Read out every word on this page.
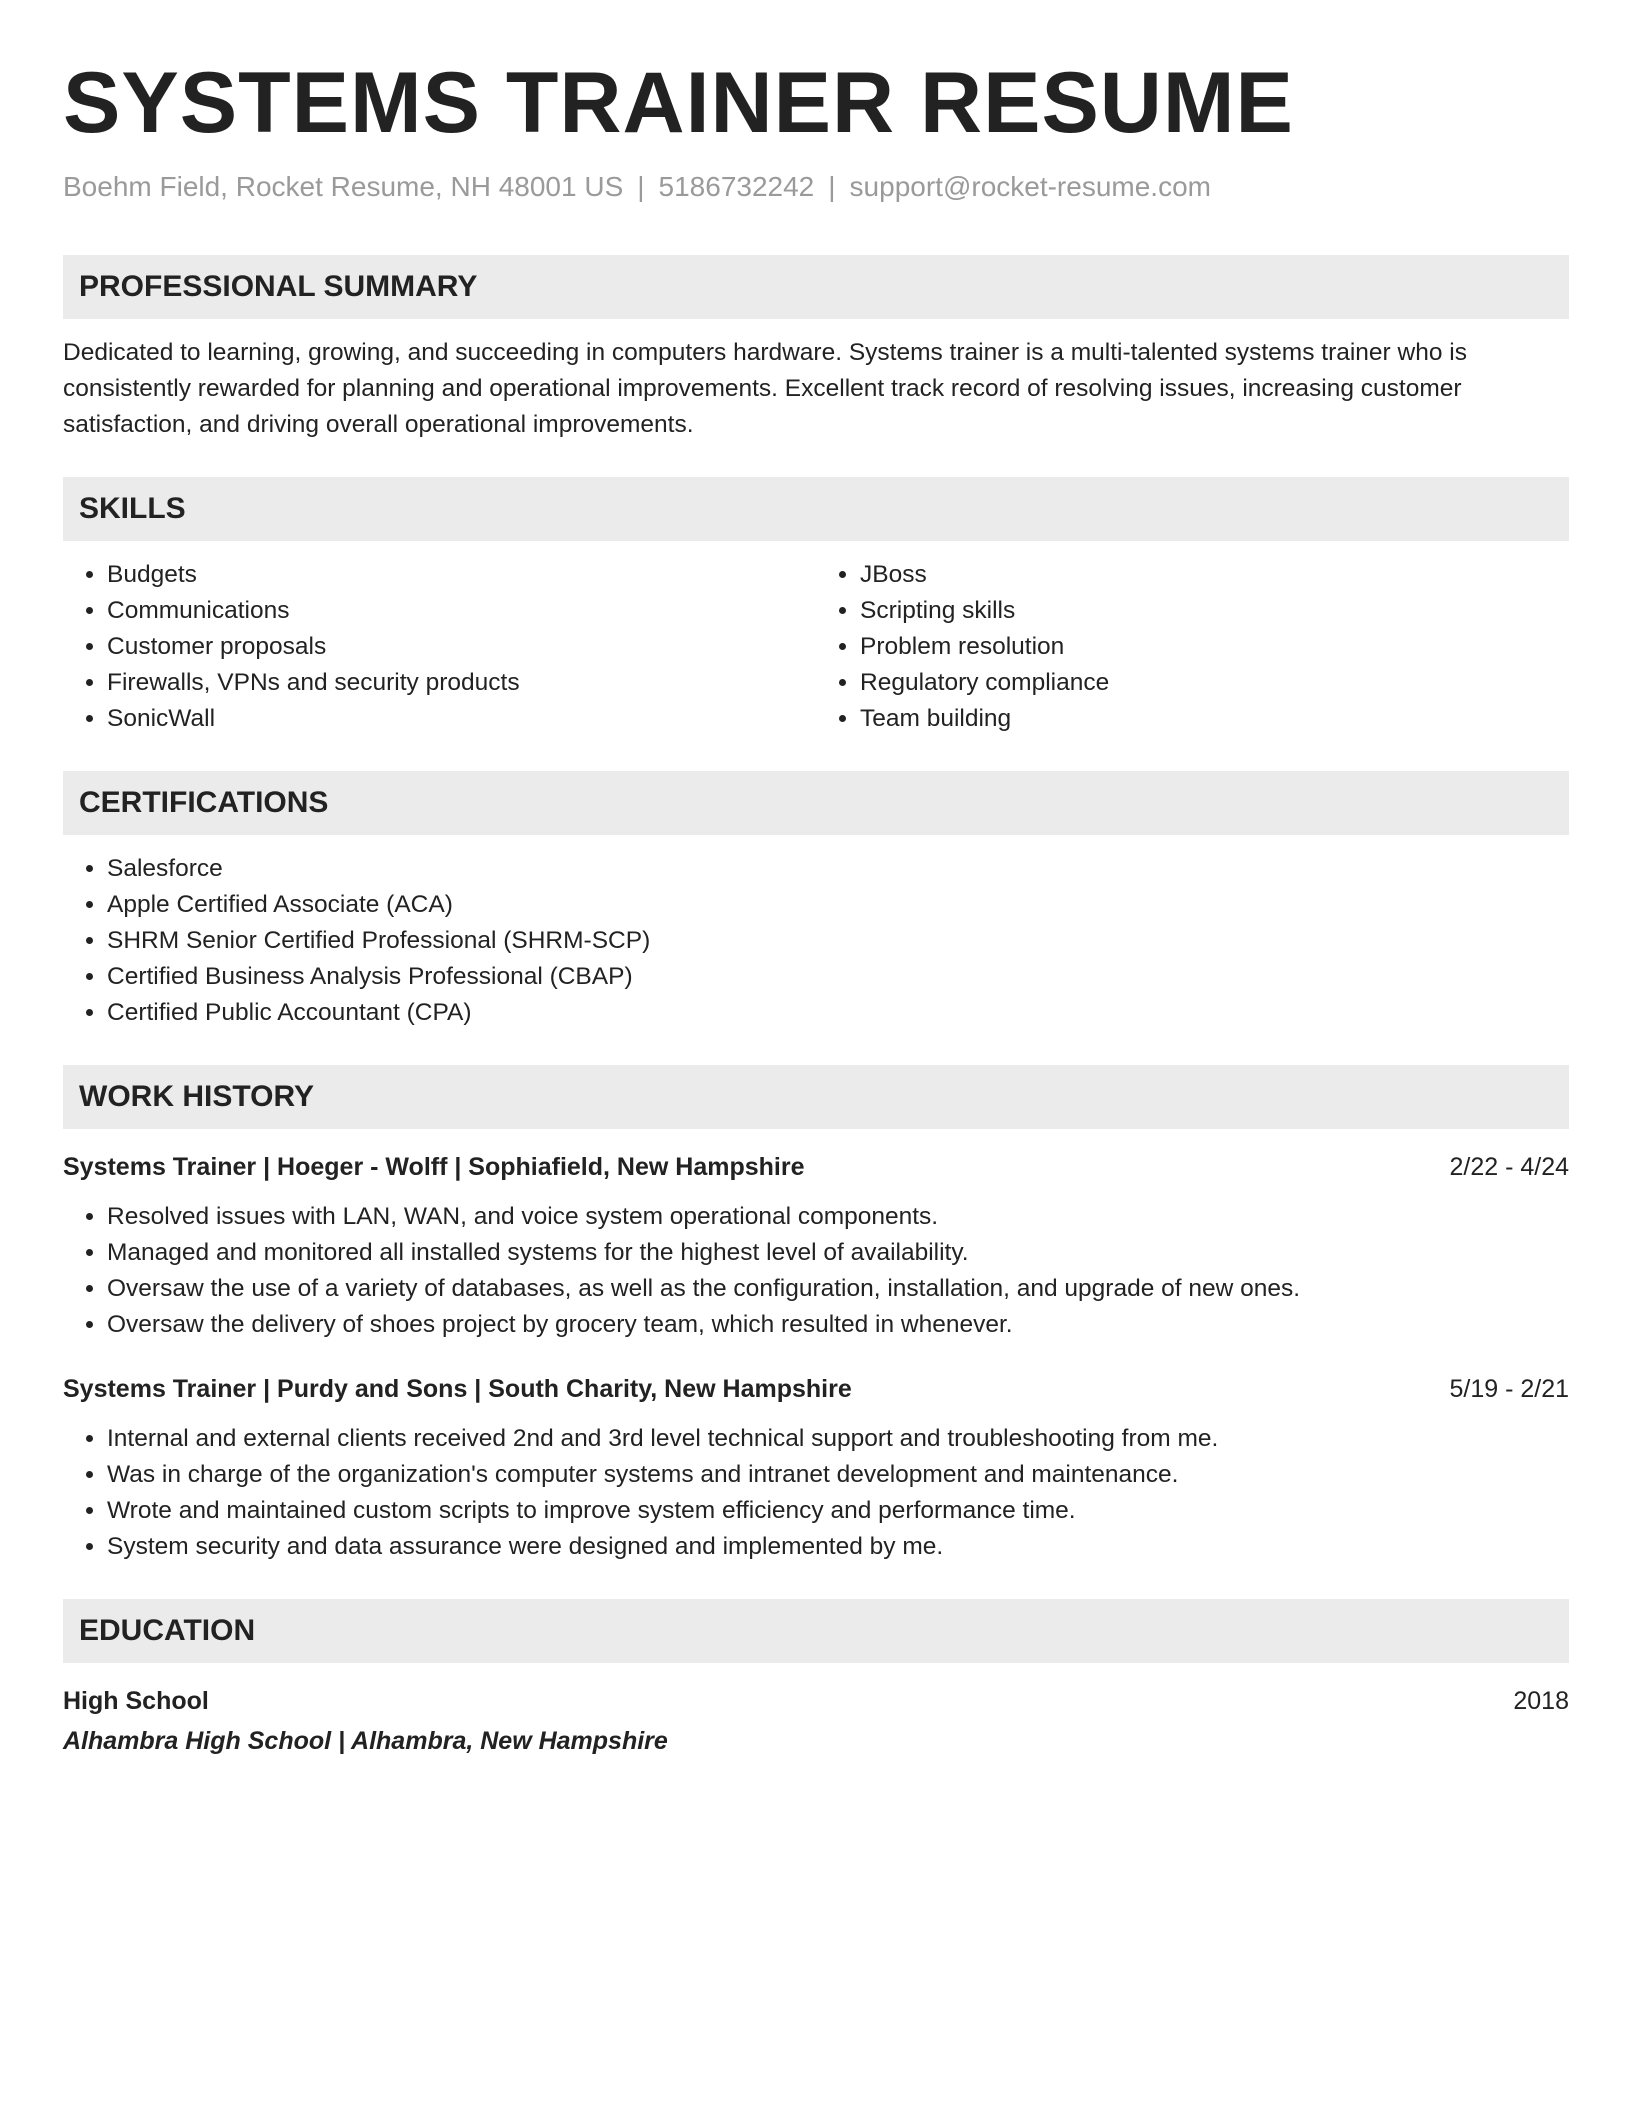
SYSTEMS TRAINER RESUME
Boehm Field, Rocket Resume, NH 48001 US | 5186732242 | support@rocket-resume.com
PROFESSIONAL SUMMARY

Dedicated to learning, growing, and succeeding in computers hardware. Systems trainer is a multi-talented systems trainer who is consistently rewarded for planning and operational improvements. Excellent track record of resolving issues, increasing customer satisfaction, and driving overall operational improvements.

SKILLS
• Budgets
• Communications
• Customer proposals
• Firewalls, VPNs and security products
• SonicWall
• JBoss
• Scripting skills
• Problem resolution
• Regulatory compliance
• Team building
CERTIFICATIONS
• Salesforce
• Apple Certified Associate (ACA)
• SHRM Senior Certified Professional (SHRM-SCP)
• Certified Business Analysis Professional (CBAP)
• Certified Public Accountant (CPA)
WORK HISTORY
Systems Trainer | Hoeger - Wolff | Sophiafield, New Hampshire	2/22 - 4/24
• Resolved issues with LAN, WAN, and voice system operational components.
• Managed and monitored all installed systems for the highest level of availability.
• Oversaw the use of a variety of databases, as well as the configuration, installation, and upgrade of new ones.
• Oversaw the delivery of shoes project by grocery team, which resulted in whenever.
Systems Trainer | Purdy and Sons | South Charity, New Hampshire	5/19 - 2/21
• Internal and external clients received 2nd and 3rd level technical support and troubleshooting from me.
• Was in charge of the organization's computer systems and intranet development and maintenance.
• Wrote and maintained custom scripts to improve system efficiency and performance time.
• System security and data assurance were designed and implemented by me.
EDUCATION
High School	2018
Alhambra High School | Alhambra, New Hampshire
